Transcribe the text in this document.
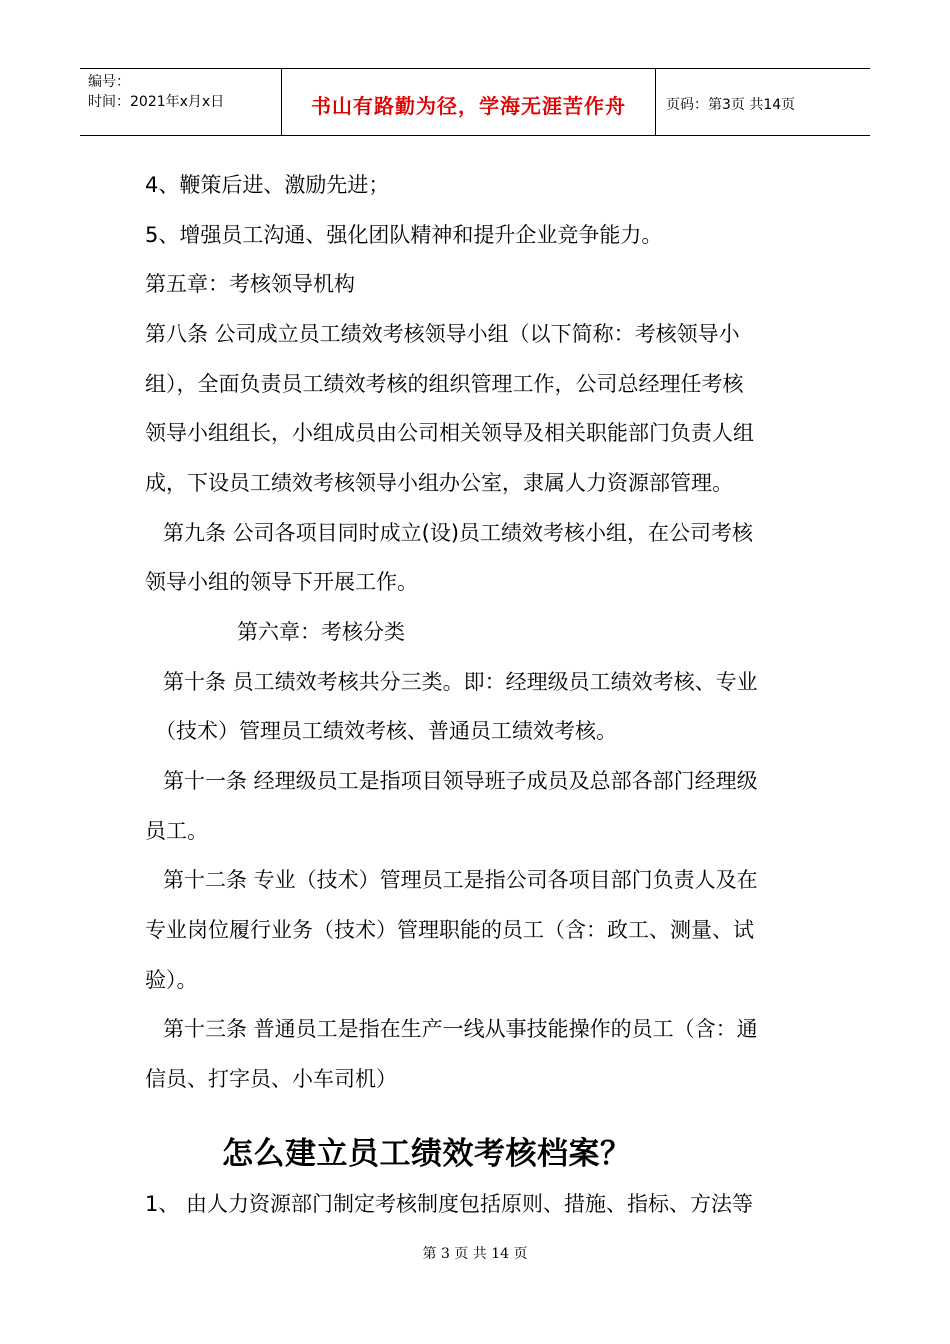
编号：
时间：2021年x月x日	书山有路勤为径，学海无涯苦作舟	页码：第3页 共14页
4、鞭策后进、激励先进；
5、增强员工沟通、强化团队精神和提升企业竞争能力。
第五章：考核领导机构
第八条 公司成立员工绩效考核领导小组（以下简称：考核领导小
组），全面负责员工绩效考核的组织管理工作，公司总经理任考核
领导小组组长，小组成员由公司相关领导及相关职能部门负责人组
成，下设员工绩效考核领导小组办公室，隶属人力资源部管理。
第九条 公司各项目同时成立(设)员工绩效考核小组，在公司考核
领导小组的领导下开展工作。
第六章：考核分类
第十条 员工绩效考核共分三类。即：经理级员工绩效考核、专业
（技术）管理员工绩效考核、普通员工绩效考核。
第十一条 经理级员工是指项目领导班子成员及总部各部门经理级
员工。
第十二条 专业（技术）管理员工是指公司各项目部门负责人及在
专业岗位履行业务（技术）管理职能的员工（含：政工、测量、试
验）。
第十三条 普通员工是指在生产一线从事技能操作的员工（含：通
信员、打字员、小车司机）
怎么建立员工绩效考核档案？
1、 由人力资源部门制定考核制度包括原则、措施、指标、方法等
第 3 页 共 14 页
